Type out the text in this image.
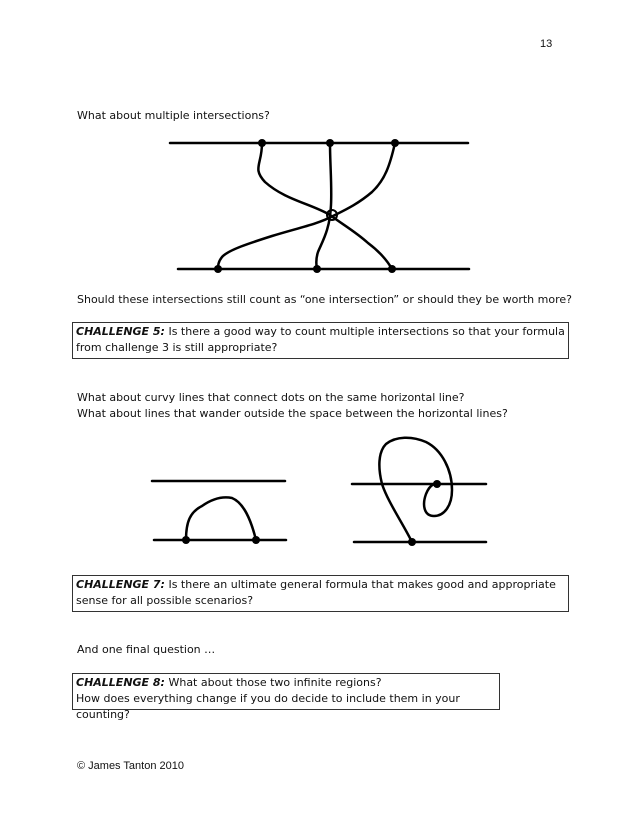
13
What about multiple intersections?
Should these intersections still count as “one intersection” or should they be worth more?
CHALLENGE 5: Is there a good way to count multiple intersections so that your formula
from challenge 3 is still appropriate?
What about curvy lines that connect dots on the same horizontal line?
What about lines that wander outside the space between the horizontal lines?
CHALLENGE 7: Is there an ultimate general formula that makes good and appropriate
sense for all possible scenarios?
And one final question …
CHALLENGE 8: What about those two infinite regions?
How does everything change if you do decide to include them in your counting?
© James Tanton 2010
